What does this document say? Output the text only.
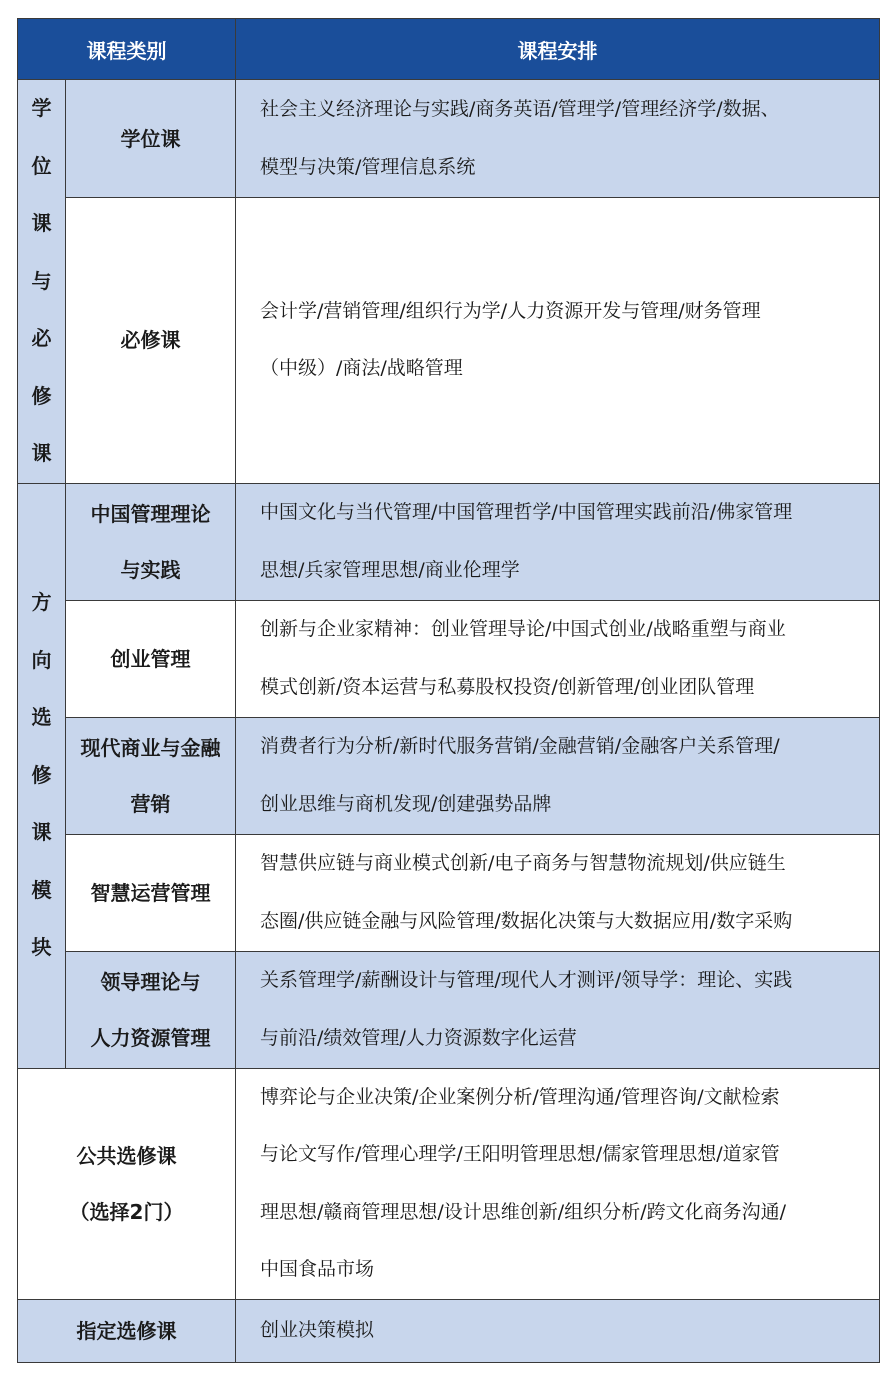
课程类别		课程安排
学位课与必修课	学位课	社会主义经济理论与实践/商务英语/管理学/管理经济学/数据、
模型与决策/管理信息系统

	必修课	会计学/营销管理/组织行为学/人力资源开发与管理/财务管理
（中级）/商法/战略管理

方向选修课模块	中国管理理论
与实践	中国文化与当代管理/中国管理哲学/中国管理实践前沿/佛家管理
思想/兵家管理思想/商业伦理学

	创业管理	创新与企业家精神：创业管理导论/中国式创业/战略重塑与商业
模式创新/资本运营与私募股权投资/创新管理/创业团队管理

	现代商业与金融
营销	消费者行为分析/新时代服务营销/金融营销/金融客户关系管理/
创业思维与商机发现/创建强势品牌

	智慧运营管理	智慧供应链与商业模式创新/电子商务与智慧物流规划/供应链生
态圈/供应链金融与风险管理/数据化决策与大数据应用/数字采购

	领导理论与
人力资源管理	关系管理学/薪酬设计与管理/现代人才测评/领导学：理论、实践
与前沿/绩效管理/人力资源数字化运营

公共选修课
（选择2门）		博弈论与企业决策/企业案例分析/管理沟通/管理咨询/文献检索
与论文写作/管理心理学/王阳明管理思想/儒家管理思想/道家管
理思想/赣商管理思想/设计思维创新/组织分析/跨文化商务沟通/
中国食品市场

指定选修课		创业决策模拟
